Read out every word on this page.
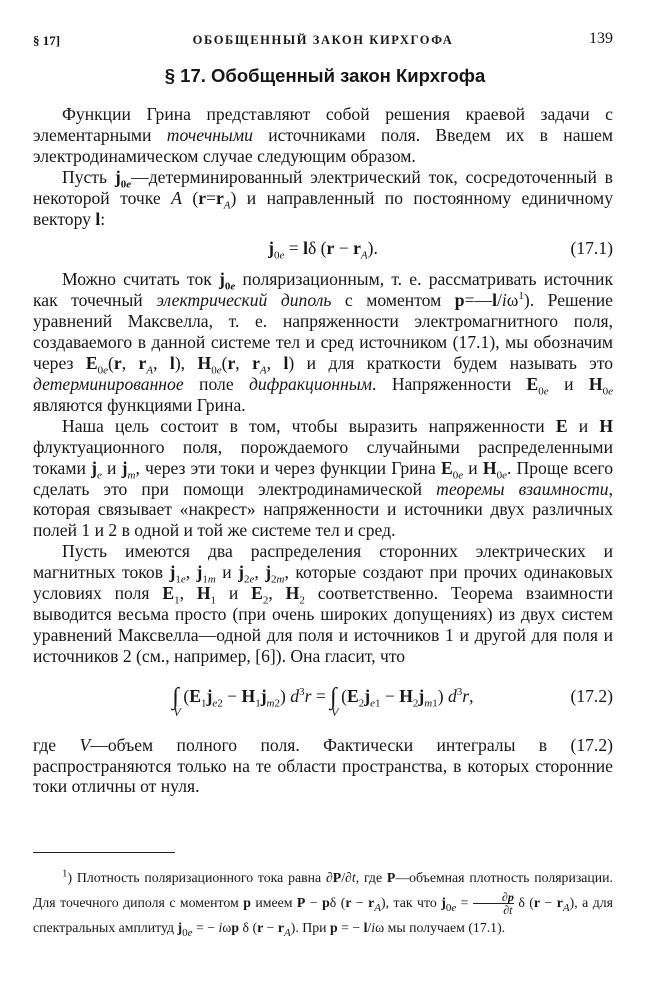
§ 17]	ОБОБЩЕННЫЙ ЗАКОН КИРХГОФА	139
§ 17. Обобщенный закон Кирхгофа

Функции Грина представляют собой решения краевой задачи с элементарными точечными источниками поля. Введем их в нашем электродинамическом случае следующим образом.

Пусть $j_{0e}—детерминированный$ электрический ток, сосредоточенный в некоторой точке A $(r=r_A)$ и направленный по постоянному единичному вектору l:

$j_{0e} = l\delta$ $(r - r_A)$.	(17.1)

Можно считать ток $j_{0e}$ поляризационным, т. е. рассматривать источник как точечный электрический диполь с моментом $p=—l/i\omega^1$). Решение уравнений Максвелла, т. е. напряженности электромагнитного поля, создаваемого в данной системе тел и сред источником (17.1), мы обозначим через $E_{0e}(r$, $r_A$, l), $H_{0e}(r$, $r_A$, l) и для краткости будем называть это детерминированное поле дифракционным. Напряженности $E_{0e}$ и $H_{0e}$ являются функциями Грина.

Наша цель состоит в том, чтобы выразить напряженности E и H флуктуационного поля, порождаемого случайными распределенными токами $j_e$ и $j_m$, через эти токи и через функции Грина $E_{0e}$ и $H_{0e}$. Проще всего сделать это при помощи электродинамической теоремы взаимности, которая связывает «накрест» напряженности и источники двух различных полей 1 и 2 в одной и той же системе тел и сред.

Пусть имеются два распределения сторонних электрических и магнитных токов $j_{1e}$, $j_{1m}$ и $j_{2e}$, $j_{2m}$, которые создают при прочих одинаковых условиях поля $E_1$, $H_1$ и $E_2$, $H_2$ соответственно. Теорема взаимности выводится весьма просто (при очень широких допущениях) из двух систем уравнений Максвелла—одной для поля и источников 1 и другой для поля и источников 2 (см., например, [6]). Она гласит, что

∫
V
$(E_1j_{e2} - H_1j_{m2}) d^3r$ = ∫
V
$(E_2j_{e1} - H_2j_{m1})$ $d^3r$,	(17.2)

где V—объем полного поля. Фактически интегралы в (17.2) распространяются только на те области пространства, в которых сторонние токи отличны от нуля.

$^1$) Плотность поляризационного тока равна ∂P/∂t, где P—объемная плотность поляризации. Для точечного диполя с моментом p имеем P − pδ $(r - r_A)$, так что $j_{0e} = \frac{\partial p}{\partial t}$ δ $(r - r_A)$, а для спектральных амплитуд $j_{0e}$ = − iωp δ $(r - r_A)$. При p = − l/iω мы получаем (17.1).
